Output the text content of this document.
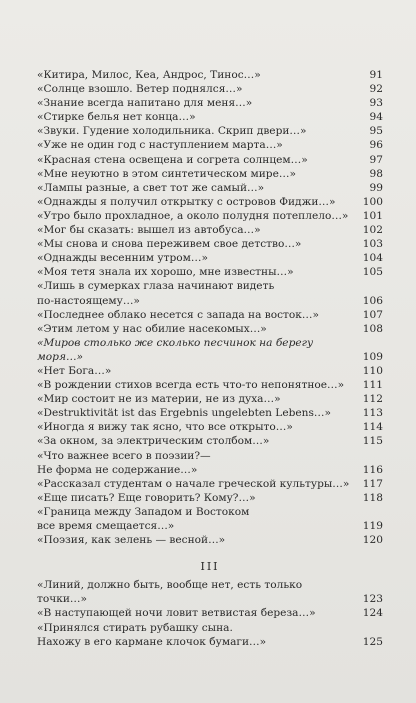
«Китира, Милос, Кеа, Андрос, Тинос…»	91
«Солнце взошло. Ветер поднялся…»	92
«Знание всегда напитано для меня…»	93
«Стирке белья нет конца…»	94
«Звуки. Гудение холодильника. Скрип двери…»	95
«Уже не один год с наступлением марта…»	96
«Красная стена освещена и согрета солнцем…»	97
«Мне неуютно в этом синтетическом мире…»	98
«Лампы разные, а свет тот же самый…»	99
«Однажды я получил открытку с островов Фиджи…»	100
«Утро было прохладное, а около полудня потеплело…»	101
«Мог бы сказать: вышел из автобуса…»	102
«Мы снова и снова переживем свое детство…»	103
«Однажды весенним утром…»	104
«Моя тетя знала их хорошо, мне известны…»	105
«Лишь в сумерках глаза начинают видеть
по-настоящему…»	106
«Последнее облако несется с запада на восток…»	107
«Этим летом у нас обилие насекомых…»	108
«Миров столько же сколько песчинок на берегу моря…»	109
«Нет Бога…»	110
«В рождении стихов всегда есть что-то непонятное…»	111
«Мир состоит не из материи, не из духа…»	112
«Destruktivität ist das Ergebnis ungelebten Lebens…»	113
«Иногда я вижу так ясно, что все открыто…»	114
«За окном, за электрическим столбом…»	115
«Что важнее всего в поэзии?—
Не форма не содержание…»	116
«Рассказал студентам о начале греческой культуры…»	117
«Еще писать? Еще говорить? Кому?…»	118
«Граница между Западом и Востоком
все время смещается…»	119
«Поэзия, как зелень — весной…»	120
III
«Линий, должно быть, вообще нет, есть только точки…»	123
«В наступающей ночи ловит ветвистая береза…»	124
«Принялся стирать рубашку сына.
Нахожу в его кармане клочок бумаги…»	125
